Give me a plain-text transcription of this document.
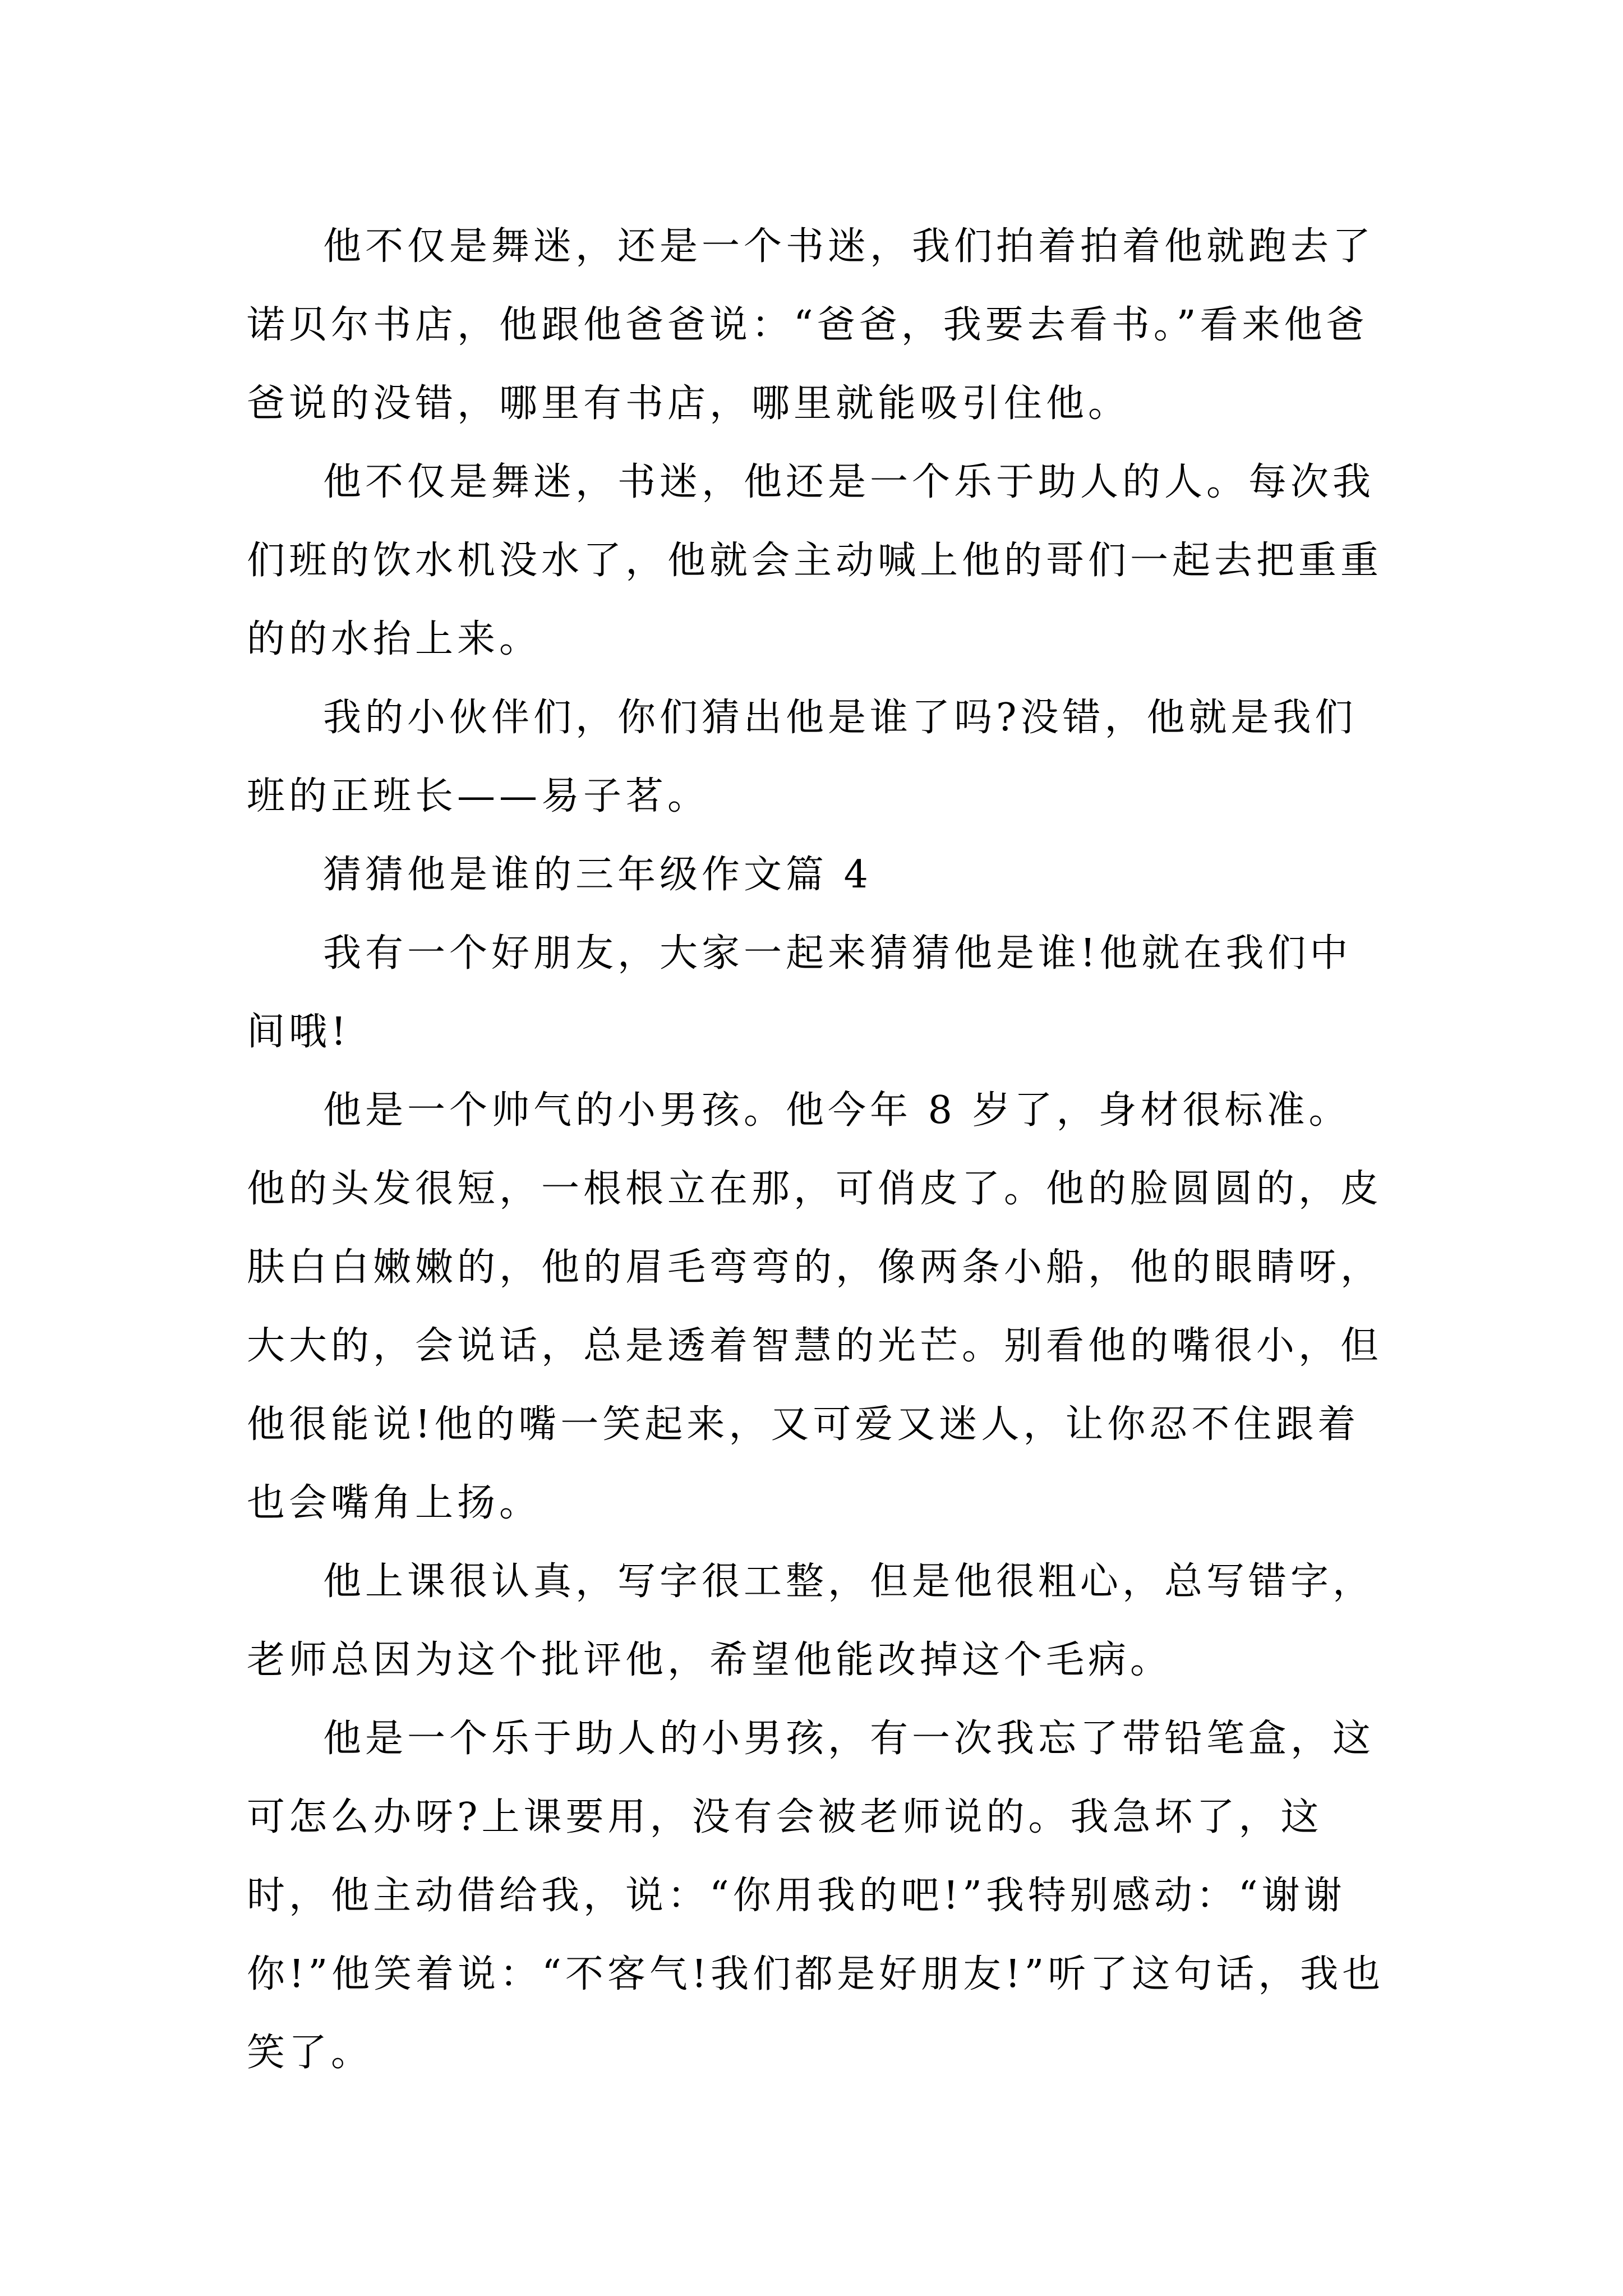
他不仅是舞迷，还是一个书迷，我们拍着拍着他就跑去了诺贝尔书店，他跟他爸爸说：“爸爸，我要去看书。”看来他爸爸说的没错，哪里有书店，哪里就能吸引住他。

他不仅是舞迷，书迷，他还是一个乐于助人的人。每次我们班的饮水机没水了，他就会主动喊上他的哥们一起去把重重的的水抬上来。

我的小伙伴们，你们猜出他是谁了吗?没错，他就是我们班的正班长——易子茗。

猜猜他是谁的三年级作文篇 4

我有一个好朋友，大家一起来猜猜他是谁!他就在我们中间哦!

他是一个帅气的小男孩。他今年 8 岁了，身材很标准。他的头发很短，一根根立在那，可俏皮了。他的脸圆圆的，皮肤白白嫩嫩的，他的眉毛弯弯的，像两条小船，他的眼睛呀，大大的，会说话，总是透着智慧的光芒。别看他的嘴很小，但他很能说!他的嘴一笑起来，又可爱又迷人，让你忍不住跟着也会嘴角上扬。

他上课很认真，写字很工整，但是他很粗心，总写错字，老师总因为这个批评他，希望他能改掉这个毛病。

他是一个乐于助人的小男孩，有一次我忘了带铅笔盒，这可怎么办呀?上课要用，没有会被老师说的。我急坏了，这时，他主动借给我，说：“你用我的吧!”我特别感动：“谢谢你!”他笑着说：“不客气!我们都是好朋友!”听了这句话，我也笑了。
